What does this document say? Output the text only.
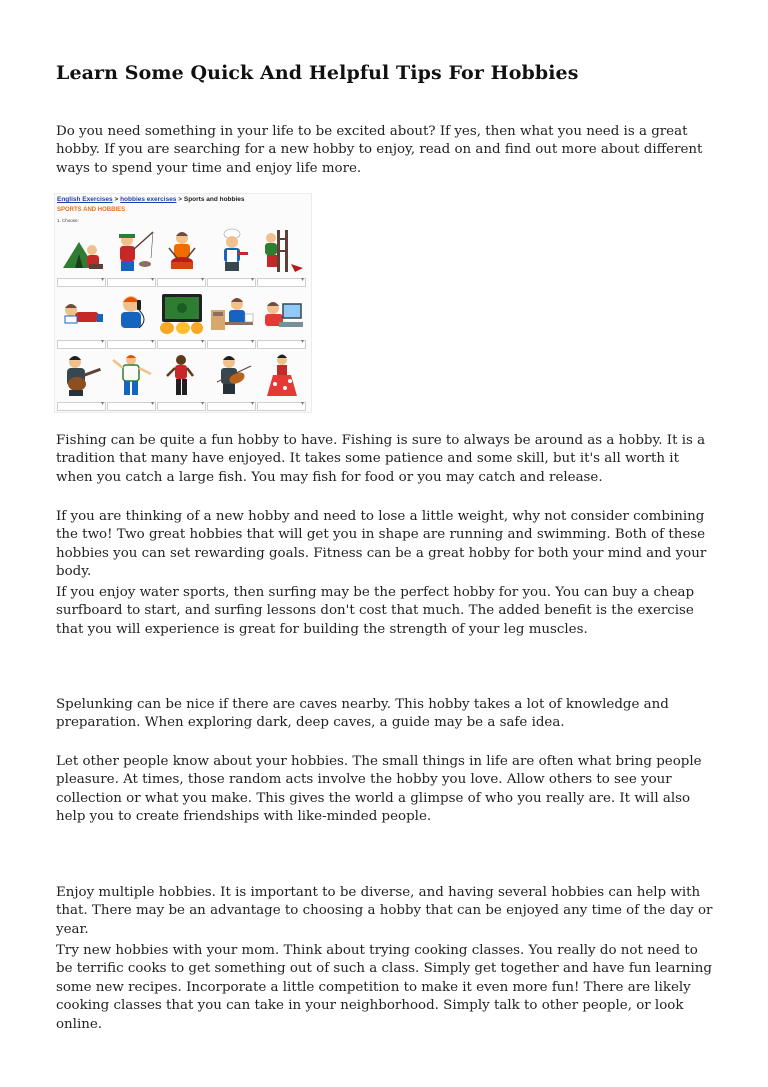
Learn Some Quick And Helpful Tips For Hobbies

Do you need something in your life to be excited about? If yes, then what you need is a great hobby. If you are searching for a new hobby to enjoy, read on and find out more about different ways to spend your time and enjoy life more.

English Exercises > hobbies exercises > Sports and hobbies
SPORTS AND HOBBIES
1. Choose:
▾
▾
▾
▾
▾
▾
▾
▾
▾
▾
▾
▾
▾
▾
▾

Fishing can be quite a fun hobby to have. Fishing is sure to always be around as a hobby. It is a tradition that many have enjoyed. It takes some patience and some skill, but it's all worth it when you catch a large fish. You may fish for food or you may catch and release.

If you are thinking of a new hobby and need to lose a little weight, why not consider combining the two! Two great hobbies that will get you in shape are running and swimming. Both of these hobbies you can set rewarding goals. Fitness can be a great hobby for both your mind and your body.

If you enjoy water sports, then surfing may be the perfect hobby for you. You can buy a cheap surfboard to start, and surfing lessons don't cost that much. The added benefit is the exercise that you will experience is great for building the strength of your leg muscles.

Spelunking can be nice if there are caves nearby. This hobby takes a lot of knowledge and preparation. When exploring dark, deep caves, a guide may be a safe idea.

Let other people know about your hobbies. The small things in life are often what bring people pleasure. At times, those random acts involve the hobby you love. Allow others to see your collection or what you make. This gives the world a glimpse of who you really are. It will also help you to create friendships with like-minded people.

Enjoy multiple hobbies. It is important to be diverse, and having several hobbies can help with that. There may be an advantage to choosing a hobby that can be enjoyed any time of the day or year.

Try new hobbies with your mom. Think about trying cooking classes. You really do not need to be terrific cooks to get something out of such a class. Simply get together and have fun learning some new recipes. Incorporate a little competition to make it even more fun! There are likely cooking classes that you can take in your neighborhood. Simply talk to other people, or look online.
